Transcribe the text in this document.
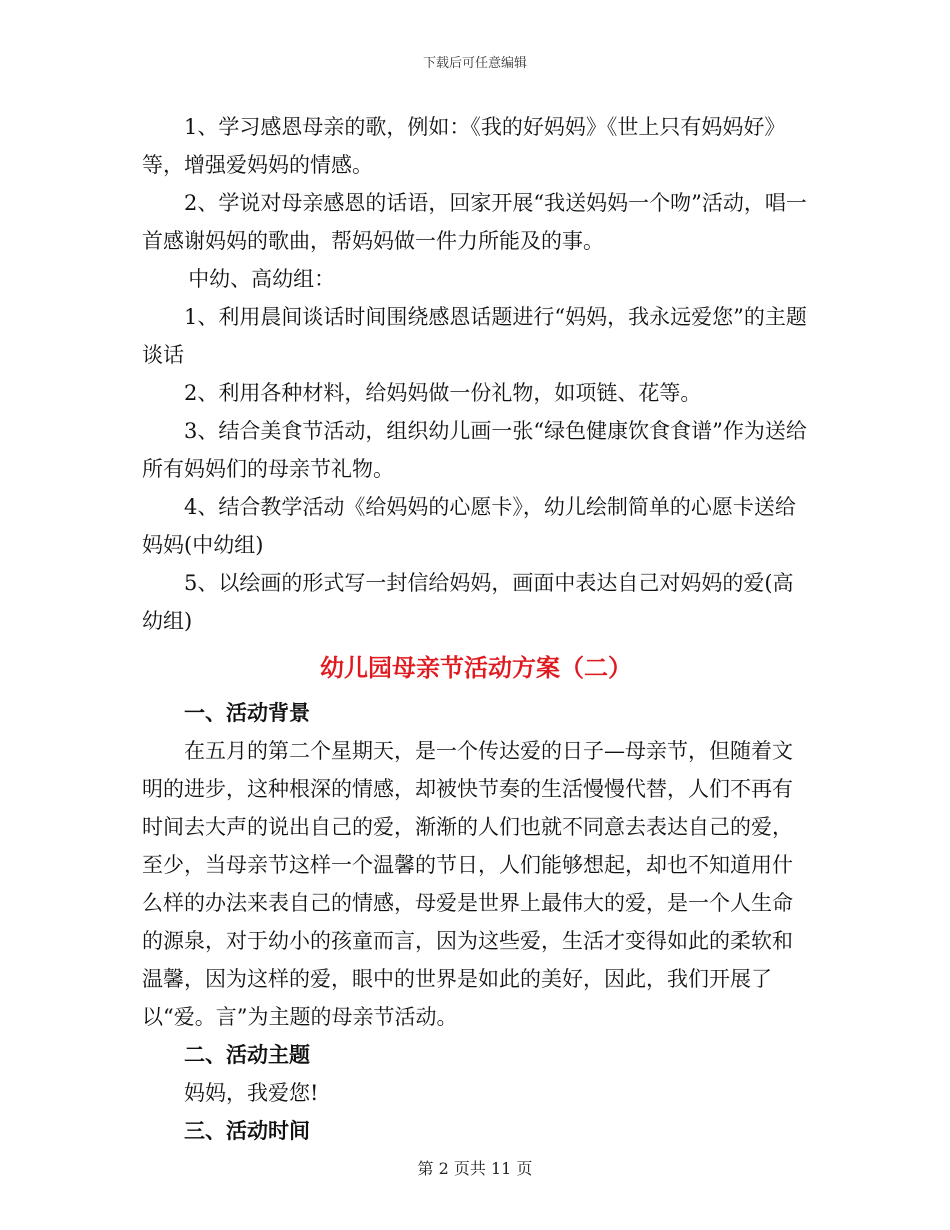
下载后可任意编辑

1、学习感恩母亲的歌，例如：《我的好妈妈》《世上只有妈妈好》等，增强爱妈妈的情感。

2、学说对母亲感恩的话语，回家开展“我送妈妈一个吻”活动，唱一首感谢妈妈的歌曲，帮妈妈做一件力所能及的事。

中幼、高幼组：

1、利用晨间谈话时间围绕感恩话题进行“妈妈，我永远爱您”的主题谈话

2、利用各种材料，给妈妈做一份礼物，如项链、花等。

3、结合美食节活动，组织幼儿画一张“绿色健康饮食食谱”作为送给所有妈妈们的母亲节礼物。

4、结合教学活动《给妈妈的心愿卡》，幼儿绘制简单的心愿卡送给妈妈(中幼组)

5、以绘画的形式写一封信给妈妈，画面中表达自己对妈妈的爱(高幼组)

幼儿园母亲节活动方案（二）

一、活动背景

在五月的第二个星期天，是一个传达爱的日子—母亲节，但随着文明的进步，这种根深的情感，却被快节奏的生活慢慢代替，人们不再有时间去大声的说出自己的爱，渐渐的人们也就不同意去表达自己的爱，至少，当母亲节这样一个温馨的节日，人们能够想起，却也不知道用什么样的办法来表自己的情感，母爱是世界上最伟大的爱，是一个人生命的源泉，对于幼小的孩童而言，因为这些爱，生活才变得如此的柔软和温馨，因为这样的爱，眼中的世界是如此的美好，因此，我们开展了以“爱。言”为主题的母亲节活动。

二、活动主题

妈妈，我爱您!

三、活动时间

第 2 页共 11 页
